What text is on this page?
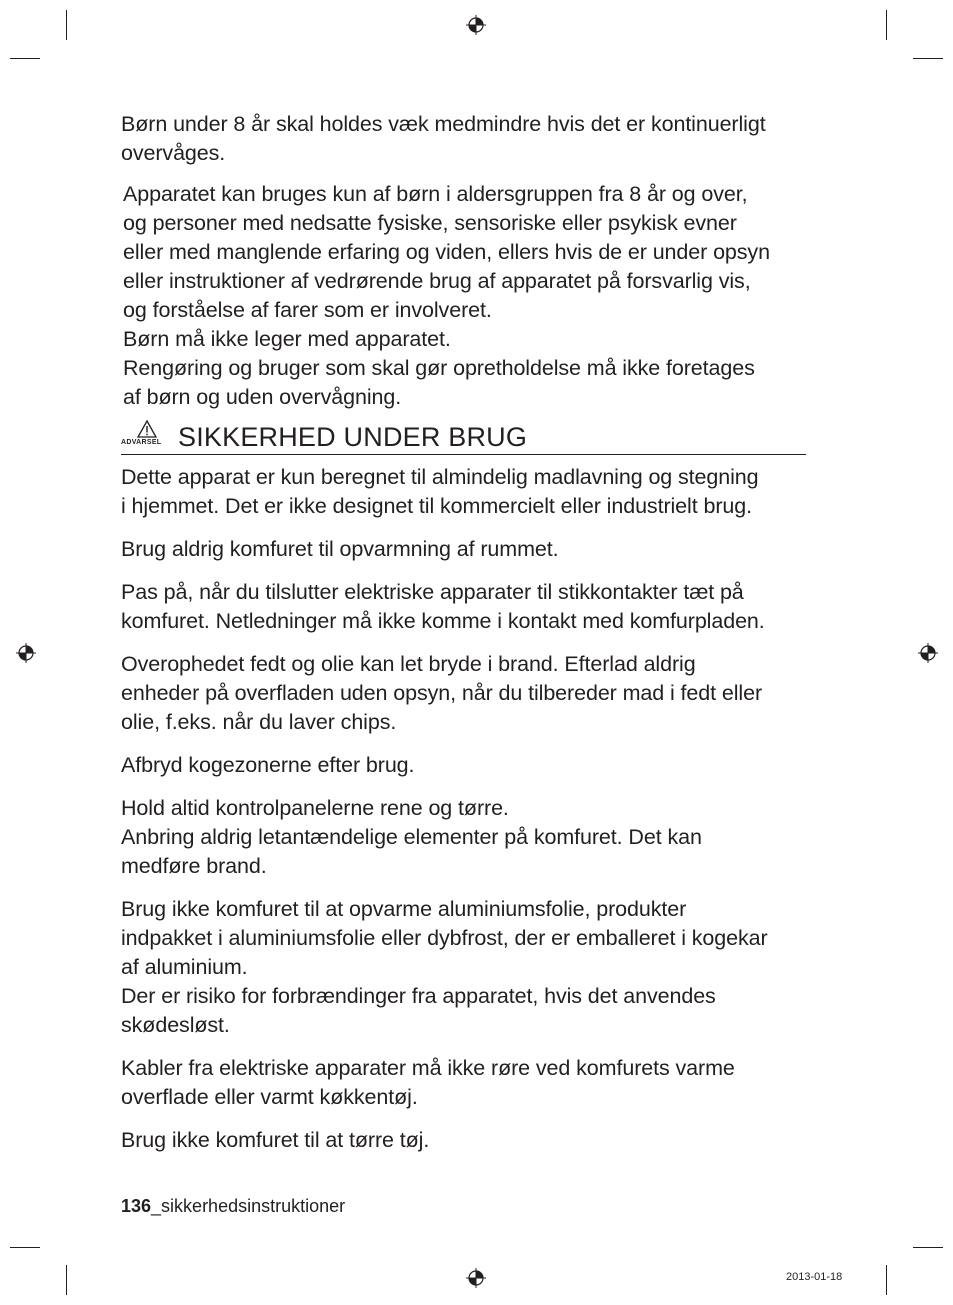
Børn under 8 år skal holdes væk medmindre hvis det er kontinuerligt
overvåges.

Apparatet kan bruges kun af børn i aldersgruppen fra 8 år og over,
og personer med nedsatte fysiske, sensoriske eller psykisk evner
eller med manglende erfaring og viden, ellers hvis de er under opsyn
eller instruktioner af vedrørende brug af apparatet på forsvarlig vis,
og forståelse af farer som er involveret.
Børn må ikke leger med apparatet.
Rengøring og bruger som skal gør opretholdelse må ikke foretages
af børn og uden overvågning.

ADVARSEL SIKKERHED UNDER BRUG

Dette apparat er kun beregnet til almindelig madlavning og stegning
i hjemmet. Det er ikke designet til kommercielt eller industrielt brug.

Brug aldrig komfuret til opvarmning af rummet.

Pas på, når du tilslutter elektriske apparater til stikkontakter tæt på
komfuret. Netledninger må ikke komme i kontakt med komfurpladen.

Overophedet fedt og olie kan let bryde i brand. Efterlad aldrig
enheder på overfladen uden opsyn, når du tilbereder mad i fedt eller
olie, f.eks. når du laver chips.

Afbryd kogezonerne efter brug.

Hold altid kontrolpanelerne rene og tørre.
Anbring aldrig letantændelige elementer på komfuret. Det kan
medføre brand.

Brug ikke komfuret til at opvarme aluminiumsfolie, produkter
indpakket i aluminiumsfolie eller dybfrost, der er emballeret i kogekar
af aluminium.
Der er risiko for forbrændinger fra apparatet, hvis det anvendes
skødesløst.

Kabler fra elektriske apparater må ikke røre ved komfurets varme
overflade eller varmt køkkentøj.

Brug ikke komfuret til at tørre tøj.

136_sikkerhedsinstruktioner
2013-01-18
